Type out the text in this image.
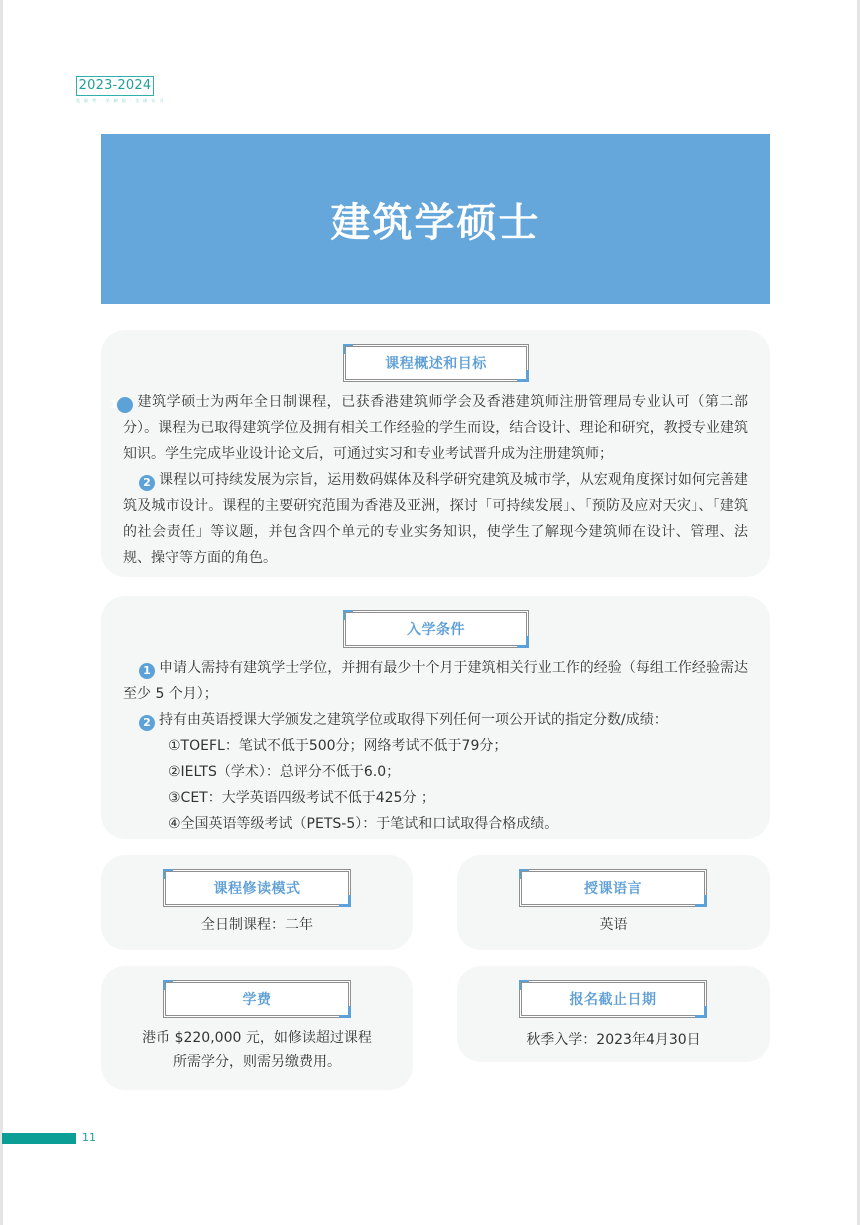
2023-2024
免 联 考 · 学 制 短 · 全 球 认 可
建筑学硕士
课程概述和目标
1 建筑学硕士为两年全日制课程，已获香港建筑师学会及香港建筑师注册管理局专业认可（第二部分）。课程为已取得建筑学位及拥有相关工作经验的学生而设，结合设计、理论和研究，教授专业建筑知识。学生完成毕业设计论文后，可通过实习和专业考试晋升成为注册建筑师；
2 课程以可持续发展为宗旨，运用数码媒体及科学研究建筑及城市学，从宏观角度探讨如何完善建筑及城市设计。课程的主要研究范围为香港及亚洲，探讨「可持续发展」、「预防及应对天灾」、「建筑的社会责任」等议题，并包含四个单元的专业实务知识，使学生了解现今建筑师在设计、管理、法规、操守等方面的角色。
入学条件
1 申请人需持有建筑学士学位，并拥有最少十个月于建筑相关行业工作的经验（每组工作经验需达至少 5 个月）；
2 持有由英语授课大学颁发之建筑学位或取得下列任何一项公开试的指定分数/成绩：
①TOEFL：笔试不低于500分；网络考试不低于79分；
②IELTS（学术）：总评分不低于6.0；
③CET：大学英语四级考试不低于425分 ；
④全国英语等级考试（PETS-5）：于笔试和口试取得合格成绩。
课程修读模式
全日制课程：二年
授课语言
英语
学费
港币 $220,000 元，如修读超过课程
所需学分，则需另缴费用。
报名截止日期
秋季入学：2023年4月30日
11
